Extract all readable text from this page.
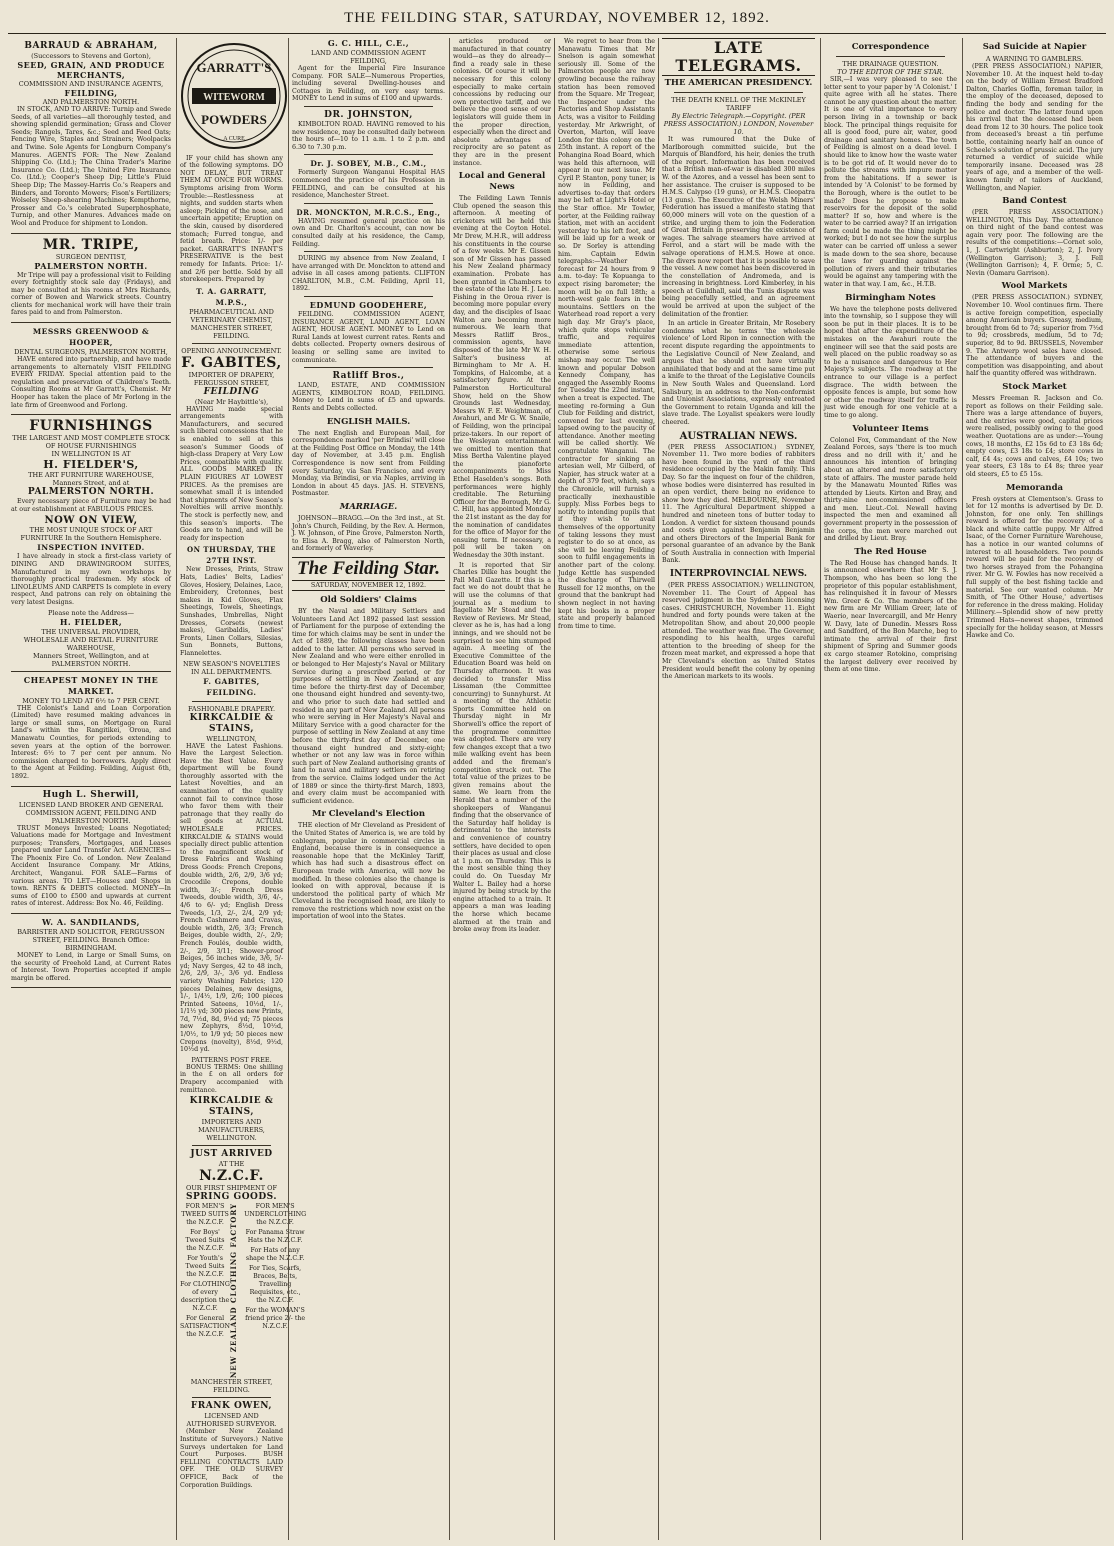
THE FEILDING STAR, SATURDAY, NOVEMBER 12, 1892.
BARRAUD & ABRAHAM,
(Successors to Stevens and Gorton),
SEED, GRAIN, AND PRODUCE MERCHANTS,
COMMISSION AND INSURANCE AGENTS,
FEILDING,
AND PALMERSTON NORTH.

IN STOCK, AND TO ARRIVE: Turnip and Swede Seeds, of all varieties—all thoroughly tested, and showing splendid germination; Grass and Clover Seeds; Rangels, Tares, &c.; Seed and Feed Oats; Fencing Wire, Staples and Strainers; Woolpacks and Twine. Sole Agents for Longburn Company's Manures. AGENTS FOR: The New Zealand Shipping Co. (Ltd.); The China Trader's Marine Insurance Co. (Ltd.); The United Fire Insurance Co. (Ltd.); Cooper's Sheep Dip; Little's Fluid Sheep Dip; The Massey-Harris Co.'s Reapers and Binders, and Toronto Mowers; Fison's Fertilizers; Wolseley Sheep-shearing Machines; Kempthorne, Prosser and Co.'s celebrated Superphosphate, Turnip, and other Manures. Advances made on Wool and Produce for shipment to London.

MR. TRIPE,
SURGEON DENTIST,
PALMERSTON NORTH.

Mr Tripe will pay a professional visit to Feilding every fortnightly stock sale day (Fridays), and may be consulted at his rooms at Mrs Richards, corner of Bowen and Warwick streets. Country clients for mechanical work will have their train fares paid to and from Palmerston.

MESSRS GREENWOOD & HOOPER,
DENTAL SURGEONS, PALMERSTON NORTH,

HAVE entered into partnership, and have made arrangements to alternately VISIT FEILDING EVERY FRIDAY. Special attention paid to the regulation and preservation of Children's Teeth. Consulting Rooms at Mr Garratt's, Chemist. Mr Hooper has taken the place of Mr Forlong in the late firm of Greenwood and Forlong.

FURNISHINGS
THE LARGEST AND MOST COMPLETE STOCK OF HOUSE FURNISHINGS
IN WELLINGTON IS AT
H. FIELDER'S,
THE ART FURNITURE WAREHOUSE,
Manners Street, and at
PALMERSTON NORTH.

Every necessary piece of Furniture may be had at our establishment at FABULOUS PRICES.

NOW ON VIEW,
THE MOST UNIQUE STOCK OF ART FURNITURE In the Southern Hemisphere.
INSPECTION INVITED.

I have already in stock a first-class variety of DINING AND DRAWINGROOM SUITES, Manufactured in my own workshops by thoroughly practical tradesmen. My stock of LINOLEUMS AND CARPETS Is complete in every respect, And patrons can rely on obtaining the very latest Designs.

Please note the Address—
H. FIELDER,
THE UNIVERSAL PROVIDER,
WHOLESALE AND RETAIL FURNITURE WAREHOUSE,
Manners Street, Wellington, and at
PALMERSTON NORTH.
CHEAPEST MONEY IN THE MARKET.
MONEY TO LEND AT 6½ to 7 PER CENT.

THE Colonist's Land and Loan Corporation (Limited) have resumed making advances in large or small sums, on Mortgage on Rural Land's within the Rangitikei, Oroua, and Manawatu Counties, for periods extending to seven years at the option of the borrower. Interest: 6½ to 7 per cent per annum. No commission charged to borrowers. Apply direct to the Agent at Feilding. Feilding, August 6th, 1892.

Hugh L. Sherwill,
LICENSED LAND BROKER AND GENERAL COMMISSION AGENT, FEILDING AND PALMERSTON NORTH.

TRUST Moneys Invested; Loans Negotiated; Valuations made for Mortgage and Investment purposes; Transfers, Mortgages, and Leases prepared under Land Transfer Act. AGENCIES—The Phoenix Fire Co. of London. New Zealand Accident Insurance Company. Mr Atkins, Architect, Wanganui. FOR SALE—Farms of various areas. TO LET—Houses and Shops in town. RENTS & DEBTS collected. MONEY—In sums of £100 to £500 and upwards at current rates of interest. Address: Box No. 46, Feilding.

W. A. SANDILANDS,
BARRISTER AND SOLICITOR, FERGUSSON STREET, FEILDING. Branch Office: BIRMINGHAM.

MONEY to Lend, in Large or Small Sums, on the security of Freehold Land, at Current Rates of Interest. Town Properties accepted if ample margin be offered.

GARRATT'S
WITEWORM
POWDERS
A CURE

IF your child has shown any of the following symptoms. DO NOT DELAY, BUT TREAT THEM AT ONCE FOR WORMS. Symptoms arising from Worm Trouble:—Restlessness at nights, and sudden starts when asleep; Picking of the nose, and uncertain appetite; Eruption on the skin, caused by disordered stomach; Furred tongue, and fetid breath. Price: 1/- per packet. GARRATT'S INFANT'S PRESERVATIVE is the best remedy for Infants. Price: 1/- and 2/6 per bottle. Sold by all storekeepers. Prepared by

T. A. GARRATT, M.P.S.,
PHARMACEUTICAL AND VETERINARY CHEMIST, MANCHESTER STREET, FEILDING.
OPENING ANNOUNCEMENT.
F. GABITES,
IMPORTER OF DRAPERY,
FERGUSSON STREET,
FEILDING
(Near Mr Haybittle's),

HAVING made special arrangements with Manufacturers, and secured such liberal concessions that he is enabled to sell at this season's Summer Goods of high-class Drapery at Very Low Prices, compatible with quality. ALL GOODS MARKED IN PLAIN FIGURES AT LOWEST PRICES. As the premises are somewhat small it is intended that shipments of New Season's Novelties will arrive monthly. The stock is perfectly new, and this season's imports. The Goods are to hand, and will be ready for inspection

ON THURSDAY, THE 27TH INST.

New Dresses, Prints, Straw Hats, Ladies' Belts, Ladies' Gloves, Hosiery, Delaines, Lace, Embroidery, Cretonnes, best makes in Kid Gloves, Flax Sheetings, Towels, Sheetings, Sunshades, Umbrellas, Night Dresses, Corsets (newest makes), Garibaldis, Ladies' Fronts, Linen Collars, Silesias, Sun Bonnets, Buttons, Flannelettes.

NEW SEASON'S NOVELTIES IN ALL DEPARTMENTS.
F. GABITES, FEILDING.
FASHIONABLE DRAPERY.
KIRKCALDIE & STAINS,
WELLINGTON,

HAVE the Latest Fashions. Have the Largest Selection. Have the Best Value. Every department will be found thoroughly assorted with the Latest Novelties, and an examination of the quality cannot fail to convince those who favor them with their patronage that they really do sell goods at ACTUAL WHOLESALE PRICES. KIRKCALDIE & STAINS would specially direct public attention to the magnificent stock of Dress Fabrics and Washing Dress Goods: French Crepons, double width, 2/6, 2/9, 3/6 yd; Crocodile Crepons, double width, 3/-; French Dress Tweeds, double width, 3/6, 4/-, 4/6 to 6/- yd; English Dress Tweeds, 1/3, 2/-, 2/4, 2/9 yd; French Cashmere and Cravas, double width, 2/6, 3/3; French Beiges, double width, 2/-, 2/9; French Foulés, double width, 2/-, 2/9, 3/11; Shower-proof Beiges, 56 inches wide, 3/6, 5/-yd; Navy Serges, 42 to 48 inch, 2/6, 2/9, 3/-, 3/6 yd. Endless variety Washing Fabrics; 120 pieces Delaines, new designs, 1/-, 1/4½, 1/9, 2/6; 100 pieces Printed Sateens, 10½d, 1/-, 1/1½ yd; 300 pieces new Prints, 7d, 7½d, 8d, 9½d yd; 75 pieces new Zephyrs, 8½d, 10½d, 1/0½, to 1/9 yd; 50 pieces new Crepons (novelty), 8½d, 9½d, 10½d yd.

PATTERNS POST FREE.

BONUS TERMS: One shilling in the £ on all orders for Drapery accompanied with remittance.

KIRKCALDIE & STAINS,
IMPORTERS AND MANUFACTURERS, WELLINGTON.
JUST ARRIVED
AT THE
N.Z.C.F.
OUR FIRST SHIPMENT OF
SPRING GOODS.

FOR MEN'S TWEED SUITS the N.Z.C.F.

For Boys' Tweed Suits the N.Z.C.F.

For Youth's Tweed Suits the N.Z.C.F.

For CLOTHING of every description the N.Z.C.F.

For General SATISFACTION the N.Z.C.F. NEW ZEALAND CLOTHING FACTORY	FOR MEN'S UNDERCLOTHING the N.Z.C.F.

For Panama Straw Hats the N.Z.C.F.

For Hats of any shape the N.Z.C.F.

For Ties, Scarfs, Braces, Belts, Travelling Requisites, etc., the N.Z.C.F.

For the WOMAN'S friend price 2/- the N.Z.C.F.

MANCHESTER STREET, FEILDING.
FRANK OWEN,
LICENSED AND AUTHORISED SURVEYOR.

(Member New Zealand Institute of Surveyors.) Native Surveys undertaken for Land Court Purposes. BUSH FELLING CONTRACTS LAID OFF. THE OLD SURVEY OFFICE, Back of the Corporation Buildings.

G. C. HILL, C.E.,
LAND AND COMMISSION AGENT FEILDING,

Agent for the Imperial Fire Insurance Company. FOR SALE—Numerous Properties, including several Dwelling-houses and Cottages in Feilding, on very easy terms. MONEY to Lend in sums of £100 and upwards.

DR. JOHNSTON,

KIMBOLTON ROAD. HAVING removed to his new residence, may be consulted daily between the hours of—10 to 11 a.m. 1 to 2 p.m. and 6.30 to 7.30 p.m.

Dr. J. SOBEY, M.B., C.M.,

Formerly Surgeon Wanganui Hospital HAS commenced the practice of his Profession in FEILDING, and can be consulted at his residence, Manchester Street.

DR. MONCKTON, M.R.C.S., Eng.,

HAVING resumed general practice on his own and Dr. Charlton's account, can now be consulted daily at his residence, the Camp, Feilding.

DURING my absence from New Zealand, I have arranged with Dr. Monckton to attend and advise in all cases among patients. CLIFTON CHARLTON, M.B., C.M. Feilding, April 11, 1892.

EDMUND GOODEHERE,

FEILDING. COMMISSION AGENT, INSURANCE AGENT, LAND AGENT, LOAN AGENT, HOUSE AGENT. MONEY to Lend on Rural Lands at lowest current rates. Rents and debts collected. Property owners desirous of leasing or selling same are invited to communicate.

Ratliff Bros.,

LAND, ESTATE, AND COMMISSION AGENTS, KIMBOLTON ROAD, FEILDING. Money to Lend in sums of £5 and upwards. Rents and Debts collected.

ENGLISH MAILS.

The next English and European Mail, for correspondence marked 'per Brindisi' will close at the Feilding Post Office on Monday, the 14th day of November, at 3.45 p.m. English Correspondence is now sent from Feilding every Saturday, via San Francisco, and every Monday, via Brindisi, or via Naples, arriving in London in about 45 days. JAS. H. STEVENS, Postmaster.

MARRIAGE.

JOHNSON—BRAGG.—On the 3rd inst., at St. John's Church, Feilding, by the Rev. A. Hermon, J. W. Johnson, of Pine Grove, Palmerston North, to Elisa A. Bragg, also of Palmerston North, and formerly of Waverley.

The Feilding Star.
SATURDAY, NOVEMBER 12, 1892.
Old Soldiers' Claims

BY the Naval and Military Settlers and Volunteers Land Act 1892 passed last session of Parliament for the purpose of extending the time for which claims may be sent in under the Act of 1889, the following classes have been added to the latter. All persons who served in New Zealand and who were either enrolled in or belonged to Her Majesty's Naval or Military Service during a prescribed period, or for purposes of settling in New Zealand at any time before the thirty-first day of December, one thousand eight hundred and seventy-two, and who prior to such date had settled and resided in any part of New Zealand. All persons who were serving in Her Majesty's Naval and Military Service with a good character for the purpose of settling in New Zealand at any time before the thirty-first day of December, one thousand eight hundred and sixty-eight; whether or not any law was in force within such part of New Zealand authorising grants of land to naval and military settlers on retiring from the service. Claims lodged under the Act of 1889 or since the thirty-first March, 1893, and every claim must be accompanied with sufficient evidence.

Mr Cleveland's Election

THE election of Mr Cleveland as President of the United States of America is, we are told by cablegram, popular in commercial circles in England, because there is in consequence a reasonable hope that the McKinley Tariff, which has had such a disastrous effect on European trade with America, will now be modified. In these colonies also the change is looked on with approval, because it is understood the political party of which Mr Cleveland is the recognised head, are likely to remove the restrictions which now exist on the importation of wool into the States.

articles produced or manufactured in that country would—as they do already—find a ready sale in these colonies. Of course it will be necessary for this colony especially to make certain concessions by reducing our own protective tariff, and we believe the good sense of our legislators will guide them in the proper direction, especially when the direct and absolute advantages of reciprocity are so patent as they are in the present instance.

Local and General News

The Feilding Lawn Tennis Club opened the season this afternoon. A meeting of cricketers will be held this evening at the Coyton Hotel. Mr Drew, M.H.R., will address his constituents in the course of a few weeks. Mr E. Gissen son of Mr Gissen has passed his New Zealand pharmacy examination. Probate has been granted in Chambers to the estate of the late H. J. Lee. Fishing in the Oroua river is becoming more popular every day, and the disciples of Isaac Walton are becoming more numerous. We learn that Messrs Ratliff Bros., commission agents, have disposed of the late Mr W. H. Salter's business at Birmingham to Mr A. H. Tompkins, of Halcombe, at a satisfactory figure. At the Palmerston Horticultural Show, held on the Show Grounds last Wednesday, Messrs W. F. E. Weightman, of Awahuri, and Mr G. W. Snaile, of Feilding, won the principal prize-takers. In our report of the Wesleyan entertainment we omitted to mention that Miss Bertha Valentine played the pianoforte accompaniments to Miss Ethel Haselden's songs. Both performances were highly creditable. The Returning Officer for the Borough, Mr G. C. Hill, has appointed Monday the 21st instant as the day for the nomination of candidates for the office of Mayor for the ensuing term. If necessary, a poll will be taken on Wednesday the 30th instant.

It is reported that Sir Charles Dilke has bought the Pall Mall Gazette. If this is a fact we do not doubt that he will use the columns of that journal as a medium to flagellate Mr Stead and the Review of Reviews. Mr Stead, clever as he is, has had a long innings, and we should not be surprised to see him stumped again. A meeting of the Executive Committee of the Education Board was held on Thursday afternoon. It was decided to transfer Miss Lissaman (the Committee concurring) to Sunnyhurst. At a meeting of the Athletic Sports Committee held on Thursday night in Mr Shorwell's office the report of the programme committee was adopted. There are very few changes except that a two mile walking event has been added and the fireman's competition struck out. The total value of the prizes to be given remains about the same. We learn from the Herald that a number of the shopkeepers of Wanganui finding that the observance of the Saturday half holiday is detrimental to the interests and convenience of country settlers, have decided to open their places as usual and close at 1 p.m. on Thursday. This is the most sensible thing they could do. On Tuesday Mr Walter L. Bailey had a horse injured by being struck by the engine attached to a train. It appears a man was leading the horse which became alarmed at the train and broke away from its leader.

We regret to hear from the Manawatu Times that Mr Snelson is again somewhat seriously ill. Some of the Palmerston people are now growling because the railway station has been removed from the Square. Mr Tregear, the Inspector under the Factories and Shop Assistants Acts, was a visitor to Feilding yesterday. Mr Arkwright, of Overton, Marton, will leave London for this colony on the 25th instant. A report of the Pohangina Road Board, which was held this afternoon, will appear in our next issue. Mr Cyril P. Stanton, pony tuner, is now in Feilding, and advertises to-day that orders may be left at Light's Hotel or the Star office. Mr Towler, porter, at the Feilding railway station, met with an accident yesterday to his left foot, and will be laid up for a week or so. Dr Sorley is attending him. Captain Edwin telegraphs:—Weather forecast for 24 hours from 9 a.m. to-day: Te Kopuanga to expect rising barometer; the moon will be on full 18th; a north-west gale fears in the mountains. Settlers on the Waterhead road report a very high day. Mr Gray's place, which quite stops vehicular traffic, and requires immediate attention, otherwise some serious mishap may occur. The well known and popular Dobson Kennedy Company, has engaged the Assembly Rooms for Tuesday the 22nd instant, when a treat is expected. The meeting re-forming a Gun Club for Feilding and district, convened for last evening, lapsed owing to the paucity of attendance. Another meeting will be called shortly. We congratulate Wanganui. The contractor for sinking an artesian well, Mr Gilberd, of Napier, has struck water at a depth of 379 feet, which, says the Chronicle, will furnish a practically inexhaustible supply. Miss Forbes begs to notify to intending pupils that if they wish to avail themselves of the opportunity of taking lessons they must register to do so at once, as she will be leaving Feilding soon to fulfil engagements in another part of the colony. Judge Kettle has suspended the discharge of Thirwell Russell for 12 months, on the ground that the bankrupt had shown neglect in not having kept his books in a proper state and properly balanced from time to time.

LATE TELEGRAMS.
THE AMERICAN PRESIDENCY.
THE DEATH KNELL OF THE McKINLEY TARIFF
By Electric Telegraph.—Copyright. (PER PRESS ASSOCIATION.) LONDON, November 10.

It was rumoured that the Duke of Marlborough committed suicide, but the Marquis of Blandford, his heir, denies the truth of the report. Information has been received that a British man-of-war is disabled 300 miles W. of the Azores, and a vessel has been sent to her assistance. The cruiser is supposed to be H.M.S. Calypso (19 guns), or H.M.S. Cleopatra (13 guns). The Executive of the Welsh Miners' Federation has issued a manifesto stating that 60,000 miners will vote on the question of a strike, and urging them to join the Federation of Great Britain in preserving the existence of wages. The salvage steamers have arrived at Ferrol, and a start will be made with the salvage operations of H.M.S. Howe at once. The divers now report that it is possible to save the vessel. A new comet has been discovered in the constellation of Andromeda, and is increasing in brightness. Lord Kimberley, in his speech at Guildhall, said the Tunis dispute was being peacefully settled, and an agreement would be arrived at upon the subject of the delimitation of the frontier.

In an article in Greater Britain, Mr Rosebery condemns what he terms 'the wholesale violence' of Lord Ripon in connection with the recent dispute regarding the appointments to the Legislative Council of New Zealand, and argues that he should not have virtually annihilated that body and at the same time put a knife to the throat of the Legislative Councils in New South Wales and Queensland. Lord Salisbury, in an address to the Non-conformist and Unionist Associations, expressly entreated the Government to retain Uganda and kill the slave trade. The Loyalist speakers were loudly cheered.

AUSTRALIAN NEWS.

(PER PRESS ASSOCIATION.) SYDNEY, November 11. Two more bodies of rabbiters have been found in the yard of the third residence occupied by the Makin family. This Day. So far the inquest on four of the children, whose bodies were disinterred has resulted in an open verdict, there being no evidence to show how they died. MELBOURNE, November 11. The Agricultural Department shipped a hundred and nineteen tons of butter today to London. A verdict for sixteen thousand pounds and costs given against Benjamin Benjamin and others Directors of the Imperial Bank for personal guarantee of an advance by the Bank of South Australia in connection with Imperial Bank.

INTERPROVINCIAL NEWS.

(PER PRESS ASSOCIATION.) WELLINGTON, November 11. The Court of Appeal has reserved judgment in the Sydenham licensing cases. CHRISTCHURCH, November 11. Eight hundred and forty pounds were taken at the Metropolitan Show, and about 20,000 people attended. The weather was fine. The Governor, responding to his health, urges careful attention to the breeding of sheep for the frozen meat market, and expressed a hope that Mr Cleveland's election as United States President would benefit the colony by opening the American markets to its wools.

Correspondence
THE DRAINAGE QUESTION.
TO THE EDITOR OF THE STAR.

SIR,—I was very pleased to see the letter sent to your paper by 'A Colonist.' I quite agree with all he states. There cannot be any question about the matter. It is one of vital importance to every person living in a township or back block. The principal things requisite for all is good food, pure air, water, good drainage and sanitary homes. The town of Feilding is almost on a dead level. I should like to know how the waste water is to be got rid of. It would never do to pollute the streams with impure matter from the habitations. If a sewer is intended by 'A Colonist' to be formed by the Borough, where is the outlet to be made? Does he propose to make reservoirs for the deposit of the solid matter? If so, how and where is the water to be carried away? If an irrigation farm could be made the thing might be worked; but I do not see how the surplus water can be carried off unless a sewer is made down to the sea shore, because the laws for guarding against the pollution of rivers and their tributaries would be against any tampering with the water in that way. I am, &c., H.T.B.

Birmingham Notes

We have the telephone posts delivered into the township, so I suppose they will soon be put in their places. It is to be hoped that after the expenditure of the mistakes on the Awahuri route the engineer will see that the said posts are well placed on the public roadway so as to be a nuisance and dangerous to Her Majesty's subjects. The roadway at the entrance to our village is a perfect disgrace. The width between the opposite fences is ample, but some how or other the roadway itself for traffic is just wide enough for one vehicle at a time to go along.

Volunteer Items

Colonel Fox, Commandant of the New Zealand Forces, says 'there is too much dress and no drill with it,' and he announces his intention of bringing about an altered and more satisfactory state of affairs. The muster parade held by the Manawatu Mounted Rifles was attended by Lieuts. Kirton and Bray, and thirty-nine non-commissioned officers and men. Lieut.-Col. Newall having inspected the men and examined all government property in the possession of the corps, the men were marched out and drilled by Lieut. Bray.

The Red House

The Red House has changed hands. It is announced elsewhere that Mr S. J. Thompson, who has been so long the proprietor of this popular establishment, has relinquished it in favour of Messrs Wm. Greer & Co. The members of the new firm are Mr William Greer, late of Waerio, near Invercargill, and Mr Henry W. Davy, late of Dunedin. Messrs Ross and Sandford, of the Bon Marche, beg to intimate the arrival of their first shipment of Spring and Summer goods ex cargo steamer Rotokino, comprising the largest delivery ever received by them at one time.

Sad Suicide at Napier
A WARNING TO GAMBLERS.

(PER PRESS ASSOCIATION.) NAPIER, November 10. At the inquest held to-day on the body of William Ernest Bradford Dalton, Charles Goffin, foreman tailor, in the employ of the deceased, deposed to finding the body and sending for the police and doctor. The latter found upon his arrival that the deceased had been dead from 12 to 30 hours. The police took from deceased's breast a tin perfume bottle, containing nearly half an ounce of Scheele's solution of prussic acid. The jury returned a verdict of suicide while temporarily insane. Deceased was 28 years of age, and a member of the well-known family of tailors of Auckland, Wellington, and Napier.

Band Contest

(PER PRESS ASSOCIATION.) WELLINGTON, This Day. The attendance on third night of the band contest was again very poor. The following are the results of the competitions:—Cornet solo, 1, J. Cartwright (Ashburton); 2, J. Ivory (Wellington Garrison); 3, J. Fell (Wellington Garrison); 4, F. Orme; 5, C. Nevin (Oamaru Garrison).

Wool Markets

(PER PRESS ASSOCIATION.) SYDNEY, November 10. Wool continues firm. There is active foreign competition, especially among American buyers. Greasy, medium, brought from 6d to 7d; superior from 7½d to 9d; crossbreds, medium, 5d to 7d; superior, 8d to 9d. BRUSSELS, November 9. The Antwerp wool sales have closed. The attendance of buyers and the competition was disappointing, and about half the quantity offered was withdrawn.

Stock Market

Messrs Freeman R. Jackson and Co. report as follows on their Feilding sale. There was a large attendance of buyers, and the entries were good, capital prices were realised, possibly owing to the good weather. Quotations are as under:—Young cows, 18 months, £2 15s 6d to £3 18s 6d; empty cows, £3 18s to £4; store cows in calf, £4 4s; cows and calves, £4 10s; two year steers, £3 18s to £4 8s; three year old steers, £5 to £5 15s.

Memoranda

Fresh oysters at Clementson's. Grass to let for 12 months is advertised by Dr. D. Johnston, for one only. Ten shillings reward is offered for the recovery of a black and white cattle puppy. Mr Alfred Isaac, of the Corner Furniture Warehouse, has a notice in our wanted columns of interest to all householders. Two pounds reward will be paid for the recovery of two horses strayed from the Pohangina river. Mr G. W. Fowles has now received a full supply of the best fishing tackle and material. See our wanted column. Mr Smith, of 'The Other House,' advertises for reference in the dress making. Holiday Millinery.—Splendid show of new pretty Trimmed Hats—newest shapes, trimmed specially for the holiday season, at Messrs Hawke and Co.
